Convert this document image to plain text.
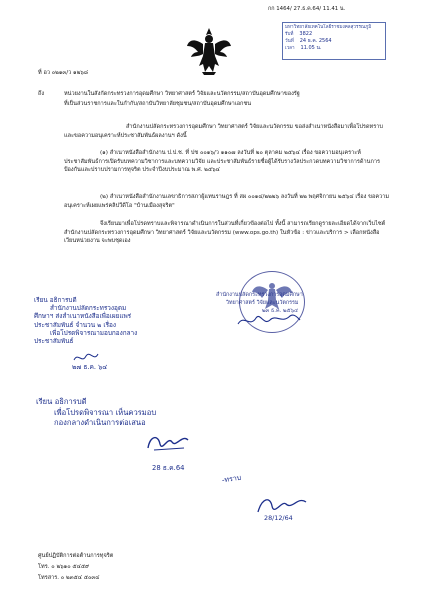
กก 1464/ 27.ธ.ค.64/ 11.41 น.
มหาวิทยาลัยเทคโนโลยีราชมงคลสุวรรณภูมิ
รับที่ 3822
วันที่ 24 ธ.ค. 2564
เวลา 11.05 น.
ที่ อว ๐๒๑๓/ว ๑๒๖๘
ถึง	หน่วยงานในสังกัดกระทรวงการอุดมศึกษา วิทยาศาสตร์ วิจัยและนวัตกรรม/สถาบันอุดมศึกษาของรัฐ
ที่เป็นส่วนราชการและในกำกับ/สถาบันวิทยาลัยชุมชน/สถาบันอุดมศึกษาเอกชน
สำนักงานปลัดกระทรวงการอุดมศึกษา วิทยาศาสตร์ วิจัยและนวัตกรรม ขอส่งสำเนาหนังสือมาเพื่อโปรดทราบ และขอความอนุเคราะห์ประชาสัมพันธ์ผลงานฯ ดังนี้
(๑) สำเนาหนังสือสำนักงาน ป.ป.ช. ที่ ปช ๐๐๑๖/ว ๑๑๐๗ ลงวันที่ ๒๐ ตุลาคม ๒๕๖๔ เรื่อง ขอความอนุเคราะห์ประชาสัมพันธ์การเปิดรับบทความวิชาการและบทความวิจัย และประชาสัมพันธ์รายชื่อผู้ได้รับรางวัลประกวดบทความวิชาการด้านการป้องกันและปราบปรามการทุจริต ประจำปีงบประมาณ พ.ศ. ๒๕๖๔
(๒) สำเนาหนังสือสำนักงานเลขาธิการสภาผู้แทนราษฎร ที่ สผ ๐๐๑๔/๒๒๒๖ ลงวันที่ ๒๒ พฤศจิกายน ๒๕๖๔ เรื่อง ขอความอนุเคราะห์เผยแพร่คลิปวีดีโอ "บ้านเมืองสุจริต"
จึงเรียนมาเพื่อโปรดทราบและพิจารณาดำเนินการในส่วนที่เกี่ยวข้องต่อไป ทั้งนี้ สามารถเรียกดูรายละเอียดได้จากเว็บไซต์สำนักงานปลัดกระทรวงการอุดมศึกษา วิทยาศาสตร์ วิจัยและนวัตกรรม (www.ops.go.th) ในหัวข้อ : ข่าวและบริการ > เลือกหนังสือเวียนหน่วยงาน จะพบชุดเอง
สำนักงานปลัดกระทรวงการอุดมศึกษา
วิทยาศาสตร์ วิจัยและนวัตกรรม
๒๓ ธ.ค. ๒๕๖๔
เรียน อธิการบดี
สำนักงานปลัดกระทรวงอุดม
ศึกษาฯ ส่งสำเนาหนังสือเพื่อเผยแพร่
ประชาสัมพันธ์ จำนวน ๒ เรื่อง
เพื่อโปรดพิจารณามอบกองกลาง
ประชาสัมพันธ์
๒๗ ธ.ค. ๖๔
เรียน อธิการบดี
เพื่อโปรดพิจารณา เห็นควรมอบ
กองกลางดำเนินการต่อเสนอ
28 ธ.ค.64
-ทราบ
28/12/64
ศูนย์ปฏิบัติการต่อต้านการทุจริต
โทร. ๐ ๒๖๑๐ ๕๔๕๙
โทรสาร. ๐ ๒๓๕๔ ๕๐๓๔
